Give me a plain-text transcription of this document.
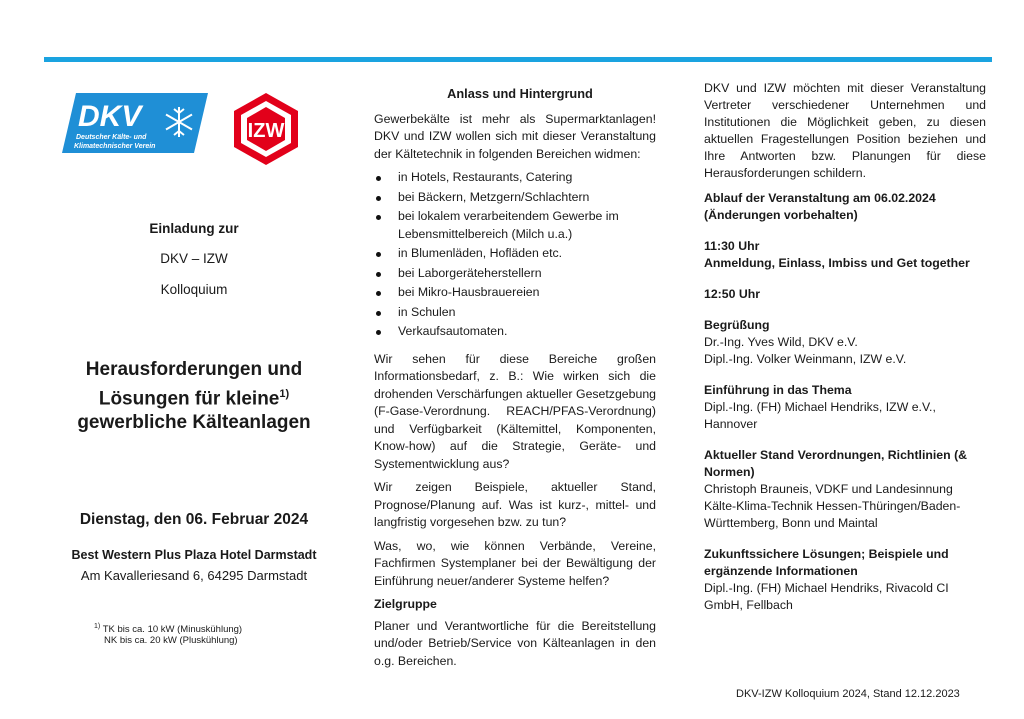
DKV
Deutscher Kälte- und
Klimatechnischer Verein
IZW
Einladung zur
DKV – IZW
Kolloquium
Herausforderungen und Lösungen für kleine$^{1)}$ gewerbliche Kälteanlagen
Dienstag, den 06. Februar 2024
Best Western Plus Plaza Hotel Darmstadt
Am Kavalleriesand 6, 64295 Darmstadt
$^{1)}$ TK bis ca. 10 kW (Minuskühlung)
NK bis ca. 20 kW (Pluskühlung)
Anlass und Hintergrund

Gewerbekälte ist mehr als Supermarktanlagen! DKV und IZW wollen sich mit dieser Veranstaltung der Kältetechnik in folgenden Bereichen widmen:

in Hotels, Restaurants, Catering
bei Bäckern, Metzgern/Schlachtern
bei lokalem verarbeitendem Gewerbe im Lebensmittelbereich (Milch u.a.)
in Blumenläden, Hofläden etc.
bei Laborgeräteherstellern
bei Mikro-Hausbrauereien
in Schulen
Verkaufsautomaten.

Wir sehen für diese Bereiche großen Informationsbedarf, z. B.: Wie wirken sich die drohenden Verschärfungen aktueller Gesetzgebung (F-Gase-Verordnung. REACH/PFAS-Verordnung) und Verfügbarkeit (Kältemittel, Komponenten, Know-how) auf die Strategie, Geräte- und Systementwicklung aus?

Wir zeigen Beispiele, aktueller Stand, Prognose/Planung auf. Was ist kurz-, mittel- und langfristig vorgesehen bzw. zu tun?

Was, wo, wie können Verbände, Vereine, Fachfirmen Systemplaner bei der Bewältigung der Einführung neuer/anderer Systeme helfen?

Zielgruppe

Planer und Verantwortliche für die Bereitstellung und/oder Betrieb/Service von Kälteanlagen in den o.g. Bereichen.

DKV und IZW möchten mit dieser Veranstaltung Vertreter verschiedener Unternehmen und Institutionen die Möglichkeit geben, zu diesen aktuellen Fragestellungen Position beziehen und Ihre Antworten bzw. Planungen für diese Herausforderungen schildern.

Ablauf der Veranstaltung am 06.02.2024
(Änderungen vorbehalten)
11:30 Uhr
Anmeldung, Einlass, Imbiss und Get together
12:50 Uhr
Begrüßung
Dr.-Ing. Yves Wild, DKV e.V.
Dipl.-Ing. Volker Weinmann, IZW e.V.
Einführung in das Thema
Dipl.-Ing. (FH) Michael Hendriks, IZW e.V., Hannover
Aktueller Stand Verordnungen, Richtlinien (& Normen)
Christoph Brauneis, VDKF und Landesinnung Kälte-Klima-Technik Hessen-Thüringen/Baden-Württemberg, Bonn und Maintal
Zukunftssichere Lösungen; Beispiele und ergänzende Informationen
Dipl.-Ing. (FH) Michael Hendriks, Rivacold CI GmbH, Fellbach
DKV-IZW Kolloquium 2024, Stand 12.12.2023
